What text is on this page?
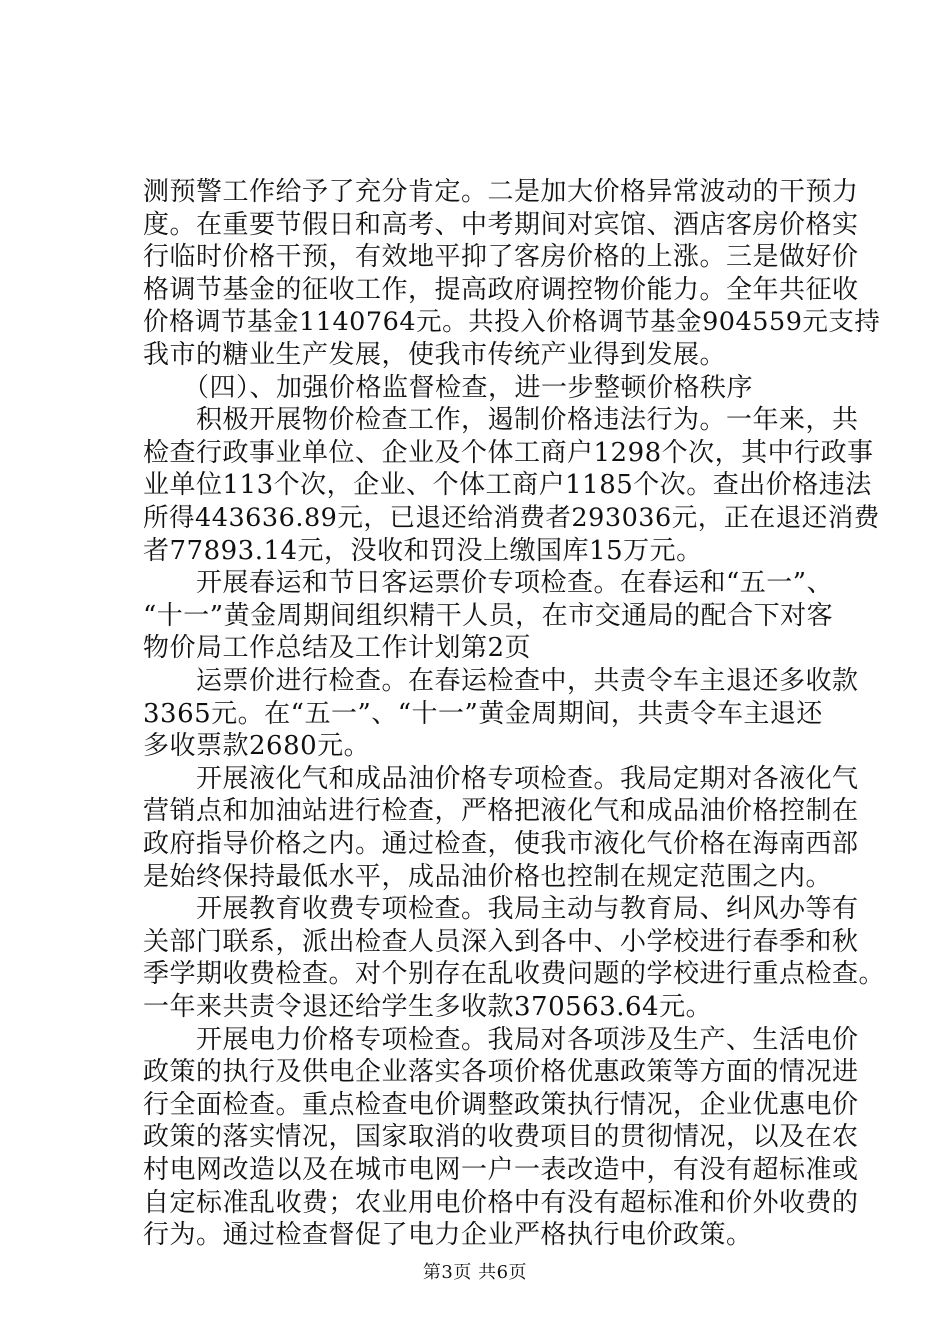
测预警工作给予了充分肯定。二是加大价格异常波动的干预力
度。在重要节假日和高考、中考期间对宾馆、酒店客房价格实
行临时价格干预，有效地平抑了客房价格的上涨。三是做好价
格调节基金的征收工作，提高政府调控物价能力。全年共征收
价格调节基金1140764元。共投入价格调节基金904559元支持
我市的糖业生产发展，使我市传统产业得到发展。
　　（四）、加强价格监督检查，进一步整顿价格秩序
　　积极开展物价检查工作，遏制价格违法行为。一年来，共
检查行政事业单位、企业及个体工商户1298个次，其中行政事
业单位113个次，企业、个体工商户1185个次。查出价格违法
所得443636.89元，已退还给消费者293036元，正在退还消费
者77893.14元，没收和罚没上缴国库15万元。
　　开展春运和节日客运票价专项检查。在春运和“五一”、
“十一”黄金周期间组织精干人员，在市交通局的配合下对客
物价局工作总结及工作计划第2页
　　运票价进行检查。在春运检查中，共责令车主退还多收款
3365元。在“五一”、“十一”黄金周期间，共责令车主退还
多收票款2680元。
　　开展液化气和成品油价格专项检查。我局定期对各液化气
营销点和加油站进行检查，严格把液化气和成品油价格控制在
政府指导价格之内。通过检查，使我市液化气价格在海南西部
是始终保持最低水平，成品油价格也控制在规定范围之内。
　　开展教育收费专项检查。我局主动与教育局、纠风办等有
关部门联系，派出检查人员深入到各中、小学校进行春季和秋
季学期收费检查。对个别存在乱收费问题的学校进行重点检查。
一年来共责令退还给学生多收款370563.64元。
　　开展电力价格专项检查。我局对各项涉及生产、生活电价
政策的执行及供电企业落实各项价格优惠政策等方面的情况进
行全面检查。重点检查电价调整政策执行情况，企业优惠电价
政策的落实情况，国家取消的收费项目的贯彻情况，以及在农
村电网改造以及在城市电网一户一表改造中，有没有超标准或
自定标准乱收费；农业用电价格中有没有超标准和价外收费的
行为。通过检查督促了电力企业严格执行电价政策。
第3页 共6页
